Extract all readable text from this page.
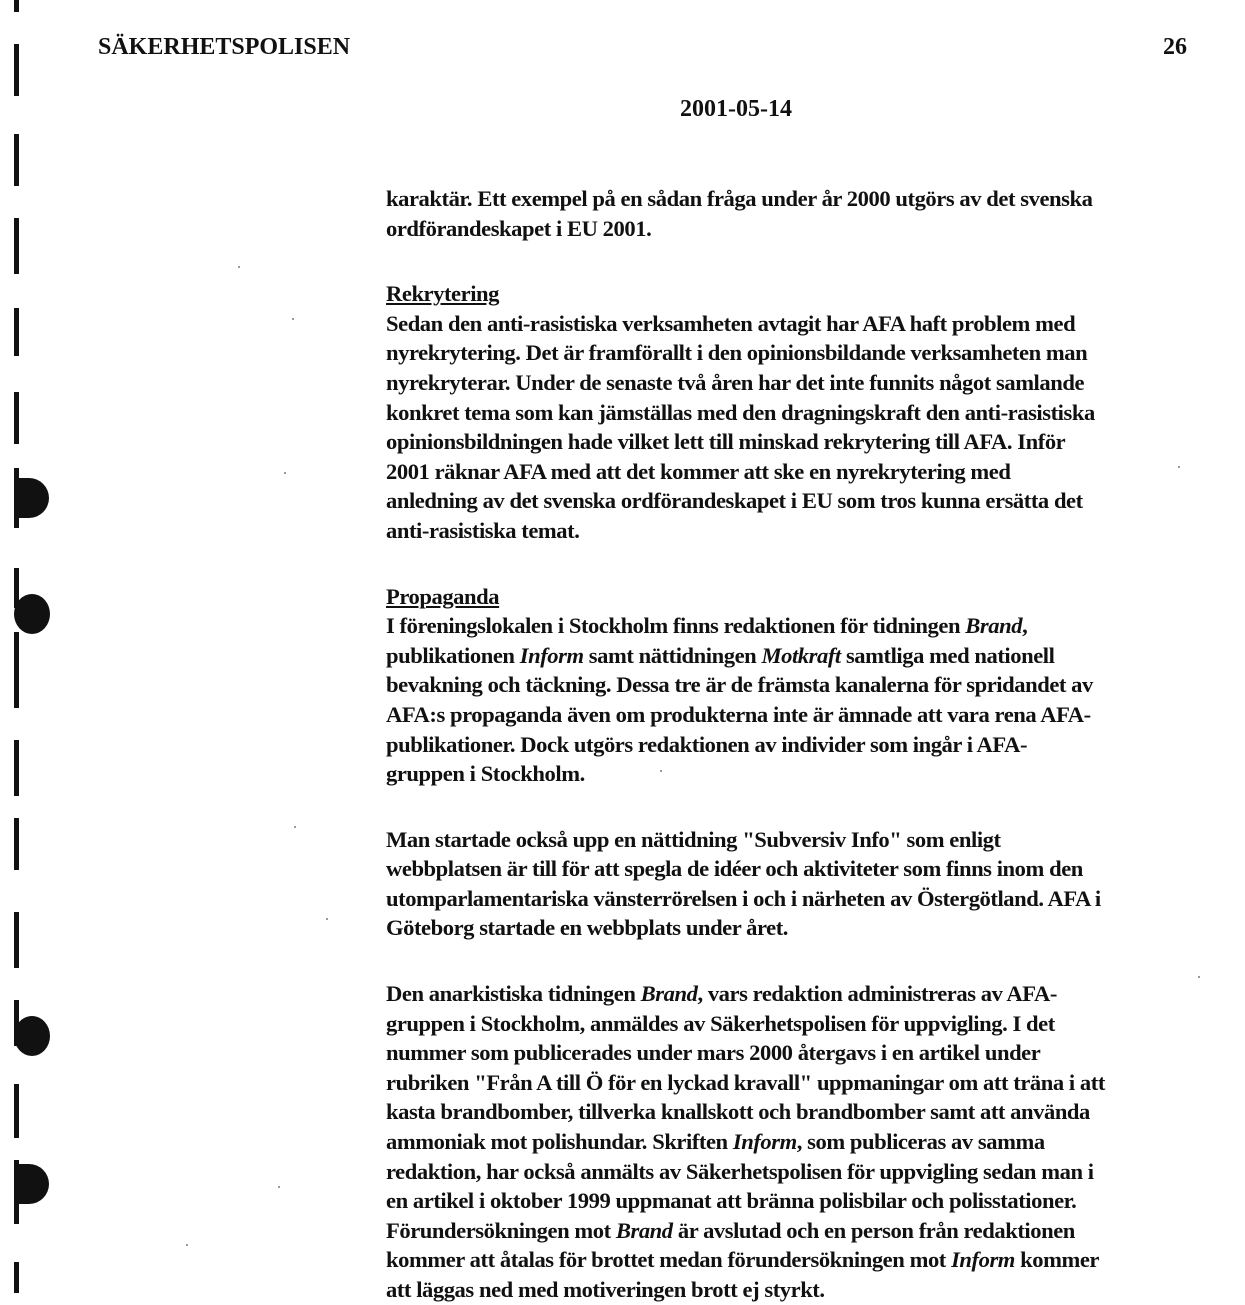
SÄKERHETSPOLISEN	26
2001-05-14

karaktär. Ett exempel på en sådan fråga under år 2000 utgörs av det svenska
ordförandeskapet i EU 2001.

Rekrytering
Sedan den anti-rasistiska verksamheten avtagit har AFA haft problem med
nyrekrytering. Det är framförallt i den opinionsbildande verksamheten man
nyrekryterar. Under de senaste två åren har det inte funnits något samlande
konkret tema som kan jämställas med den dragningskraft den anti-rasistiska
opinionsbildningen hade vilket lett till minskad rekrytering till AFA. Inför
2001 räknar AFA med att det kommer att ske en nyrekrytering med
anledning av det svenska ordförandeskapet i EU som tros kunna ersätta det
anti-rasistiska temat.

Propaganda
I föreningslokalen i Stockholm finns redaktionen för tidningen Brand,
publikationen Inform samt nättidningen Motkraft samtliga med nationell
bevakning och täckning. Dessa tre är de främsta kanalerna för spridandet av
AFA:s propaganda även om produkterna inte är ämnade att vara rena AFA-
publikationer. Dock utgörs redaktionen av individer som ingår i AFA-
gruppen i Stockholm.

Man startade också upp en nättidning "Subversiv Info" som enligt
webbplatsen är till för att spegla de idéer och aktiviteter som finns inom den
utomparlamentariska vänsterrörelsen i och i närheten av Östergötland. AFA i
Göteborg startade en webbplats under året.

Den anarkistiska tidningen Brand, vars redaktion administreras av AFA-
gruppen i Stockholm, anmäldes av Säkerhetspolisen för uppvigling. I det
nummer som publicerades under mars 2000 återgavs i en artikel under
rubriken "Från A till Ö för en lyckad kravall" uppmaningar om att träna i att
kasta brandbomber, tillverka knallskott och brandbomber samt att använda
ammoniak mot polishundar. Skriften Inform, som publiceras av samma
redaktion, har också anmälts av Säkerhetspolisen för uppvigling sedan man i
en artikel i oktober 1999 uppmanat att bränna polisbilar och polisstationer.
Förundersökningen mot Brand är avslutad och en person från redaktionen
kommer att åtalas för brottet medan förundersökningen mot Inform kommer
att läggas ned med motiveringen brott ej styrkt.
